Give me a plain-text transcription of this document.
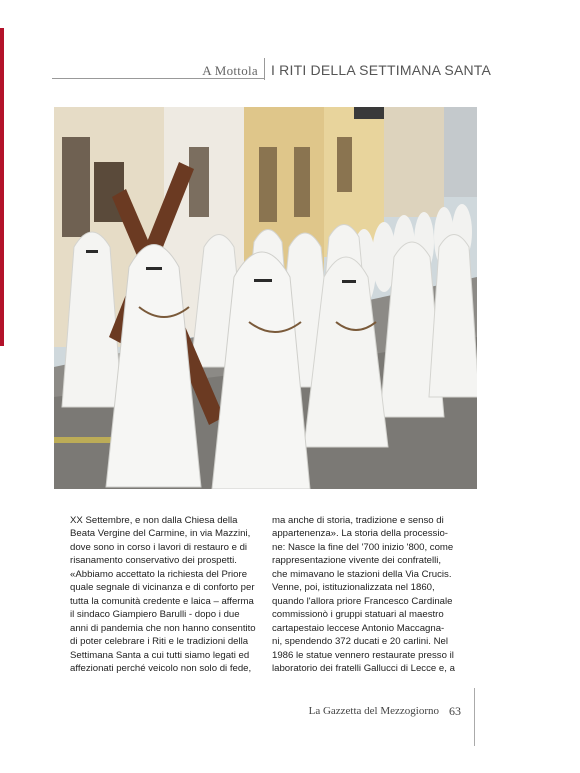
A Mottola I RITI DELLA SETTIMANA SANTA

XX Settembre, e non dalla Chiesa della

Beata Vergine del Carmine, in via Mazzini,

dove sono in corso i lavori di restauro e di

risanamento conservativo dei prospetti.

«Abbiamo accettato la richiesta del Priore

quale segnale di vicinanza e di conforto per

tutta la comunità credente e laica – afferma

il sindaco Giampiero Barulli - dopo i due

anni di pandemia che non hanno consentito

di poter celebrare i Riti e le tradizioni della

Settimana Santa a cui tutti siamo legati ed

affezionati perché veicolo non solo di fede,

ma anche di storia, tradizione e senso di

appartenenza». La storia della processio-

ne: Nasce la fine del '700 inizio '800, come

rappresentazione vivente dei confratelli,

che mimavano le stazioni della Via Crucis.

Venne, poi, istituzionalizzata nel 1860,

quando l'allora priore Francesco Cardinale

commissionò i gruppi statuari al maestro

cartapestaio leccese Antonio Maccagna-

ni, spendendo 372 ducati e 20 carlini. Nel

1986 le statue vennero restaurate presso il

laboratorio dei fratelli Gallucci di Lecce e, a

La Gazzetta del Mezzogiorno 63
